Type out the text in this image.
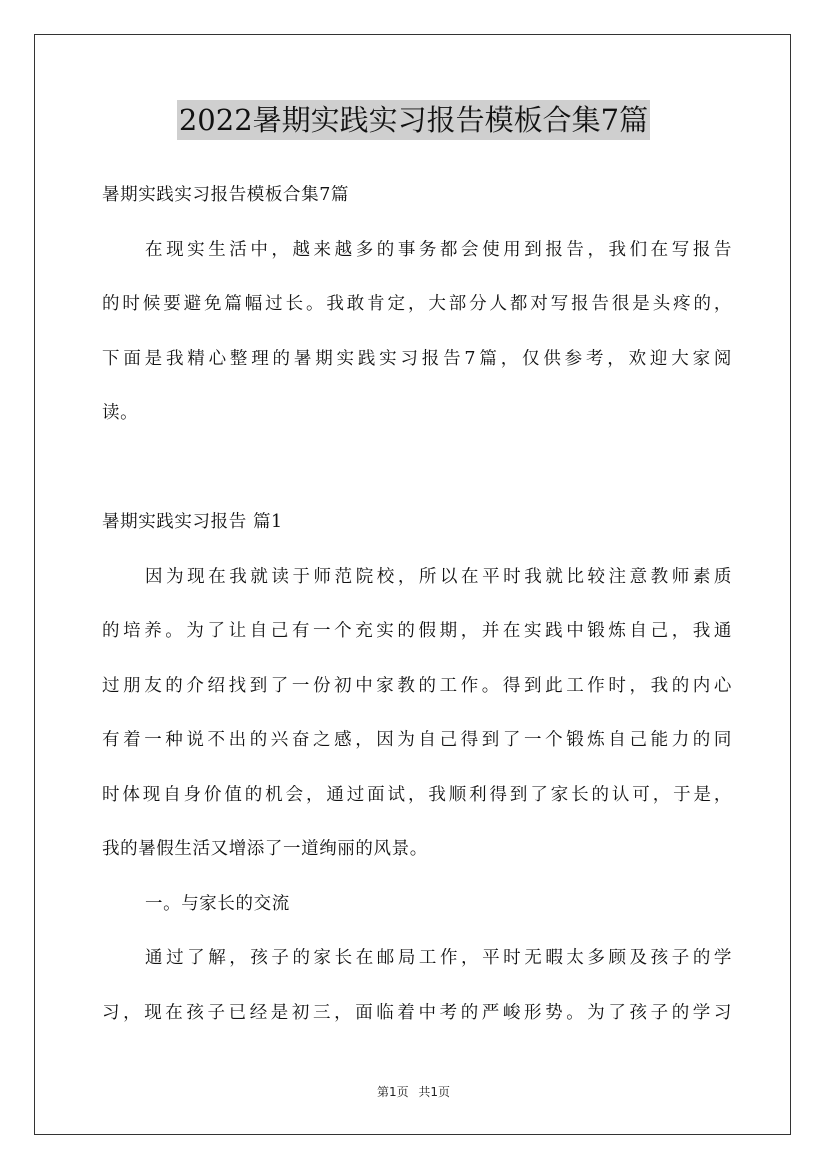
2022暑期实践实习报告模板合集7篇
暑期实践实习报告模板合集7篇
在现实生活中，越来越多的事务都会使用到报告，我们在写报告
的时候要避免篇幅过长。我敢肯定，大部分人都对写报告很是头疼的，
下面是我精心整理的暑期实践实习报告7篇，仅供参考，欢迎大家阅
读。
暑期实践实习报告 篇1
因为现在我就读于师范院校，所以在平时我就比较注意教师素质
的培养。为了让自己有一个充实的假期，并在实践中锻炼自己，我通
过朋友的介绍找到了一份初中家教的工作。得到此工作时，我的内心
有着一种说不出的兴奋之感，因为自己得到了一个锻炼自己能力的同
时体现自身价值的机会，通过面试，我顺利得到了家长的认可，于是，
我的暑假生活又增添了一道绚丽的风景。
一。与家长的交流
通过了解，孩子的家长在邮局工作，平时无暇太多顾及孩子的学
习，现在孩子已经是初三，面临着中考的严峻形势。为了孩子的学习
第1页 共1页
